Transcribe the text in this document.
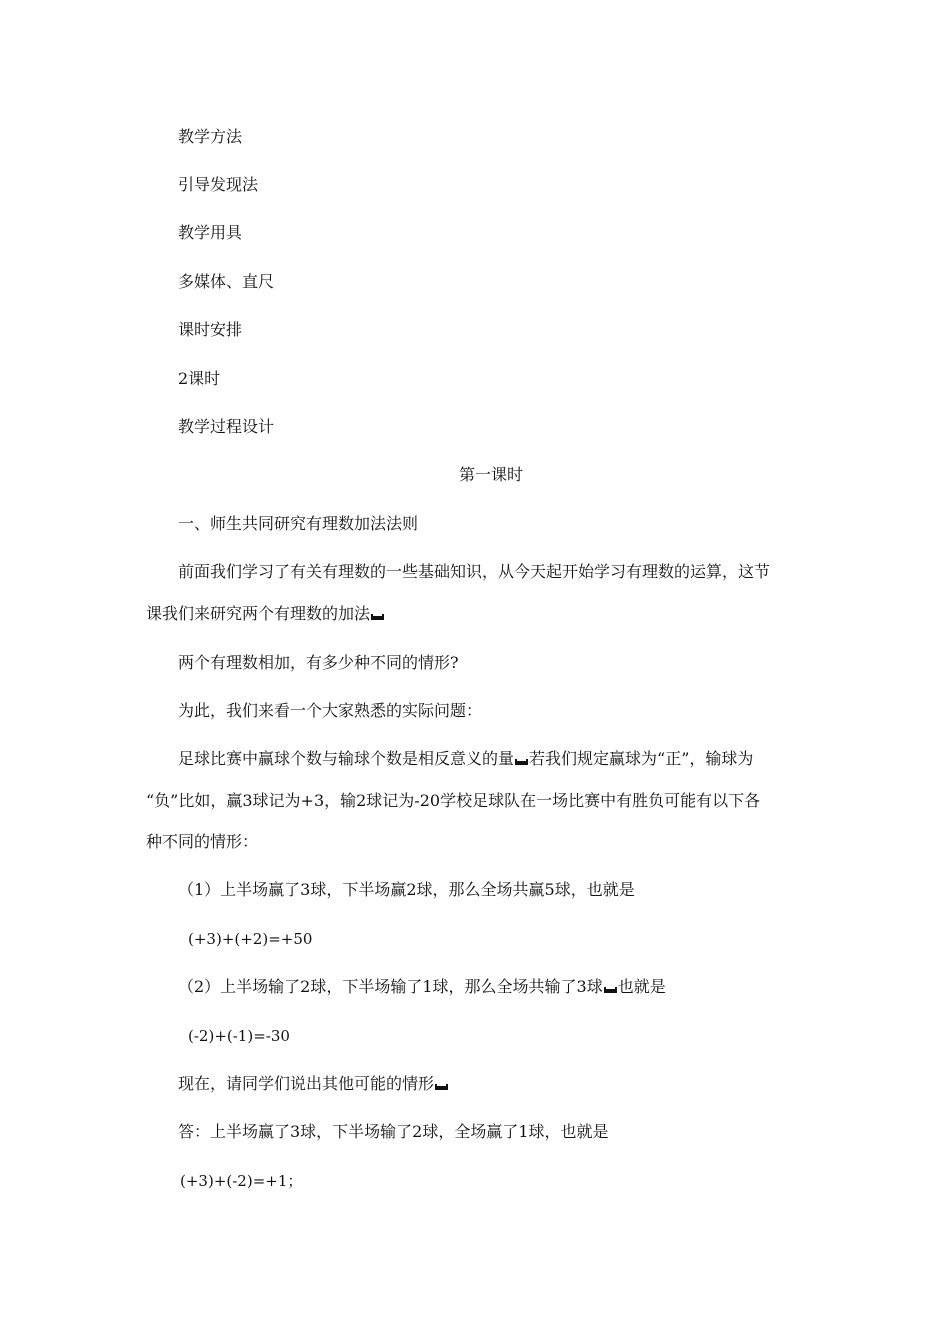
教学方法
引导发现法
教学用具
多媒体、直尺
课时安排
2课时
教学过程设计
第一课时
一、师生共同研究有理数加法法则
前面我们学习了有关有理数的一些基础知识，从今天起开始学习有理数的运算，这节
课我们来研究两个有理数的加法
两个有理数相加，有多少种不同的情形?
为此，我们来看一个大家熟悉的实际问题：
足球比赛中赢球个数与输球个数是相反意义的量 若我们规定赢球为“正”，输球为
“负”比如，赢3球记为+3，输2球记为-20学校足球队在一场比赛中有胜负可能有以下各
种不同的情形：
（1）上半场赢了3球，下半场赢2球，那么全场共赢5球，也就是
(+3)+(+2)=+50
（2）上半场输了2球，下半场输了1球，那么全场共输了3球 也就是
(-2)+(-1)=-30
现在，请同学们说出其他可能的情形
答：上半场赢了3球，下半场输了2球，全场赢了1球，也就是
(+3)+(-2)=+1；
